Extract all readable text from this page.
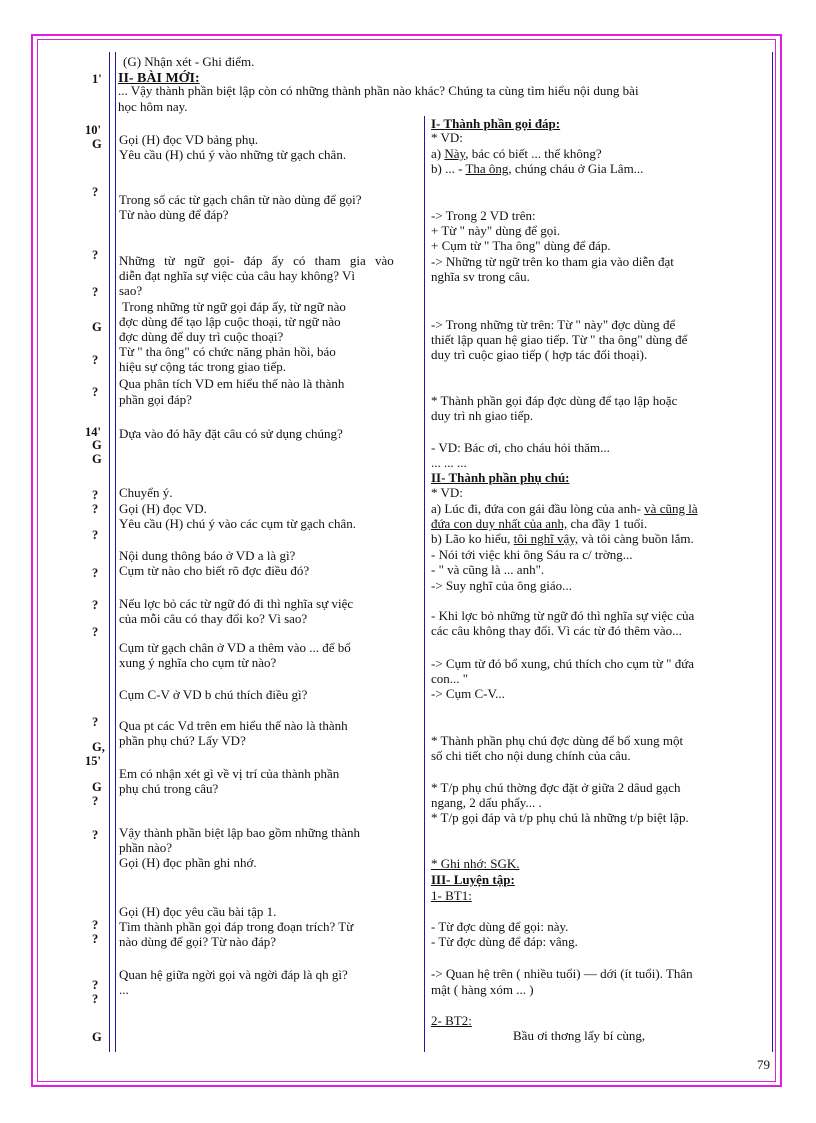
(G) Nhận xét - Ghi điểm.
II- BÀI MỚI:
... Vậy thành phần biệt lập còn có những thành phần nào khác? Chúng ta cùng tìm hiểu nội dung bài
học hôm nay.
1'
10'
G
?
?
?
G
?
?
14'
G
G
?
?
?
?
?
?
?
G,
15'
G
?
?
?
?
?
?
G
Gọi (H) đọc VD bảng phụ.
Yêu cầu (H) chú ý vào những từ gạch chân.
Trong số các từ gạch chân từ nào dùng để gọi?
Từ nào dùng để đáp?
Những từ ngữ gọi- đáp ấy có tham gia vào
diễn đạt nghĩa sự việc của câu hay không? Vì
sao?
Trong những từ ngữ gọi đáp ấy, từ ngữ nào
đợc dùng để tạo lập cuộc thoại, từ ngữ nào
đợc dùng để duy trì cuộc thoại?
Từ " tha ông" có chức năng phản hồi, báo
hiệu sự cộng tác trong giao tiếp.
Qua phân tích VD em hiểu thế nào là thành
phần gọi đáp?
Dựa vào đó hãy đặt câu có sử dụng chúng?
Chuyển ý.
Gọi (H) đọc VD.
Yêu cầu (H) chú ý vào các cụm từ gạch chân.
Nội dung thông báo ở VD a là gì?
Cụm từ nào cho biết rõ đợc điều đó?
Nếu lợc bỏ các từ ngữ đó đi thì nghĩa sự việc
của mỗi câu có thay đổi ko? Vì sao?
Cụm từ gạch chân ở VD a thêm vào ... để bổ
xung ý nghĩa cho cụm từ nào?
Cụm C-V ở VD b chú thích điều gì?
Qua pt các Vd trên em hiểu thế nào là thành
phần phụ chú? Lấy VD?
Em có nhận xét gì về vị trí của thành phần
phụ chú trong câu?
Vậy thành phần biệt lập bao gồm những thành
phần nào?
Gọi (H) đọc phần ghi nhớ.
Gọi (H) đọc yêu cầu bài tập 1.
Tìm thành phần gọi đáp trong đoạn trích? Từ
nào dùng để gọi? Từ nào đáp?
Quan hệ giữa ngời gọi và ngời đáp là qh gì?
...
I- Thành phần gọi đáp:
* VD:
a) Này, bác có biết ... thế không?
b) ... - Tha ông, chúng cháu ở Gia Lâm...
-> Trong 2 VD trên:
+ Từ " này" dùng để gọi.
+ Cụm từ " Tha ông" dùng để đáp.
-> Những từ ngữ trên ko tham gia vào diễn đạt
nghĩa sv trong câu.
-> Trong những từ trên: Từ " này" đợc dùng để
thiết lập quan hệ giao tiếp. Từ " tha ông" dùng để
duy trì cuộc giao tiếp ( hợp tác đối thoại).
* Thành phần gọi đáp đợc dùng để tạo lập hoặc
duy trì nh giao tiếp.
- VD: Bác ơi, cho cháu hỏi thăm...
... ... ...
II- Thành phần phụ chú:
* VD:
a) Lúc đi, đứa con gái đầu lòng của anh- và cũng là
đứa con duy nhất của anh, cha đầy 1 tuổi.
b) Lão ko hiểu, tôi nghĩ vậy, và tôi càng buồn lắm.
- Nói tới việc khi ông Sáu ra c/ trờng...
- " và cũng là ... anh".
-> Suy nghĩ của ông giáo...
- Khi lợc bỏ những từ ngữ đó thì nghĩa sự việc của
các câu không thay đổi. Vì các từ đó thêm vào...
-> Cụm từ đó bổ xung, chú thích cho cụm từ " đứa
con... "
-> Cụm C-V...
* Thành phần phụ chú đợc dùng để bổ xung một
số chi tiết cho nội dung chính của câu.
* T/p phụ chú thờng đợc đặt ở giữa 2 dâud gạch
ngang, 2 dấu phẩy... .
* T/p gọi đáp và t/p phụ chú là những t/p biệt lập.
* Ghi nhớ: SGK.
III- Luyện tập:
1- BT1:
- Từ đợc dùng để gọi: này.
- Từ đợc dùng để đáp: vâng.
-> Quan hệ trên ( nhiều tuổi) — dới (ít tuổi). Thân
mật ( hàng xóm ... )
2- BT2:
Bầu ơi thơng lấy bí cùng,
79
